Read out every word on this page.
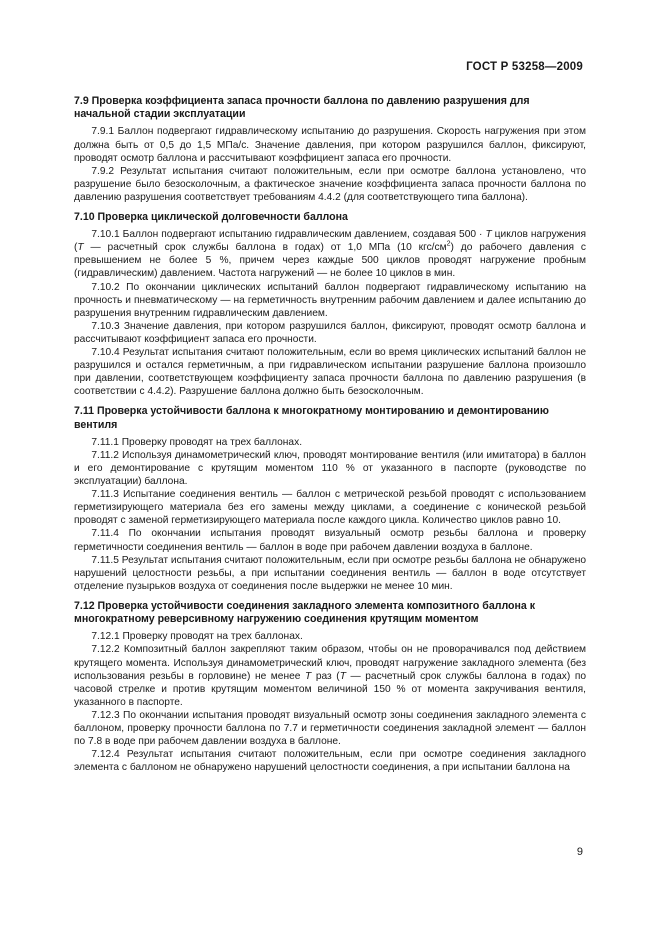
ГОСТ Р 53258—2009
7.9 Проверка коэффициента запаса прочности баллона по давлению разрушения для начальной стадии эксплуатации

7.9.1 Баллон подвергают гидравлическому испытанию до разрушения. Скорость нагружения при этом должна быть от 0,5 до 1,5 МПа/с. Значение давления, при котором разрушился баллон, фиксируют, проводят осмотр баллона и рассчитывают коэффициент запаса его прочности.

7.9.2 Результат испытания считают положительным, если при осмотре баллона установлено, что разрушение было безосколочным, а фактическое значение коэффициента запаса прочности баллона по давлению разрушения соответствует требованиям 4.4.2 (для соответствующего типа баллона).

7.10 Проверка циклической долговечности баллона

7.10.1 Баллон подвергают испытанию гидравлическим давлением, создавая 500 · T циклов нагружения (T — расчетный срок службы баллона в годах) от 1,0 МПа (10 кгс/$см^2$) до рабочего давления с превышением не более 5 %, причем через каждые 500 циклов проводят нагружение пробным (гидравлическим) давлением. Частота нагружений — не более 10 циклов в мин.

7.10.2 По окончании циклических испытаний баллон подвергают гидравлическому испытанию на прочность и пневматическому — на герметичность внутренним рабочим давлением и далее испытанию до разрушения внутренним гидравлическим давлением.

7.10.3 Значение давления, при котором разрушился баллон, фиксируют, проводят осмотр баллона и рассчитывают коэффициент запаса его прочности.

7.10.4 Результат испытания считают положительным, если во время циклических испытаний баллон не разрушился и остался герметичным, а при гидравлическом испытании разрушение баллона произошло при давлении, соответствующем коэффициенту запаса прочности баллона по давлению разрушения (в соответствии с 4.4.2). Разрушение баллона должно быть безосколочным.

7.11 Проверка устойчивости баллона к многократному монтированию и демонтированию вентиля

7.11.1 Проверку проводят на трех баллонах.

7.11.2 Используя динамометрический ключ, проводят монтирование вентиля (или имитатора) в баллон и его демонтирование с крутящим моментом 110 % от указанного в паспорте (руководстве по эксплуатации) баллона.

7.11.3 Испытание соединения вентиль — баллон с метрической резьбой проводят с использованием герметизирующего материала без его замены между циклами, а соединение с конической резьбой проводят с заменой герметизирующего материала после каждого цикла. Количество циклов равно 10.

7.11.4 По окончании испытания проводят визуальный осмотр резьбы баллона и проверку герметичности соединения вентиль — баллон в воде при рабочем давлении воздуха в баллоне.

7.11.5 Результат испытания считают положительным, если при осмотре резьбы баллона не обнаружено нарушений целостности резьбы, а при испытании соединения вентиль — баллон в воде отсутствует отделение пузырьков воздуха от соединения после выдержки не менее 10 мин.

7.12 Проверка устойчивости соединения закладного элемента композитного баллона к многократному реверсивному нагружению соединения крутящим моментом

7.12.1 Проверку проводят на трех баллонах.

7.12.2 Композитный баллон закрепляют таким образом, чтобы он не проворачивался под действием крутящего момента. Используя динамометрический ключ, проводят нагружение закладного элемента (без использования резьбы в горловине) не менее T раз (T — расчетный срок службы баллона в годах) по часовой стрелке и против крутящим моментом величиной 150 % от момента закручивания вентиля, указанного в паспорте.

7.12.3 По окончании испытания проводят визуальный осмотр зоны соединения закладного элемента с баллоном, проверку прочности баллона по 7.7 и герметичности соединения закладной элемент — баллон по 7.8 в воде при рабочем давлении воздуха в баллоне.

7.12.4 Результат испытания считают положительным, если при осмотре соединения закладного элемента с баллоном не обнаружено нарушений целостности соединения, а при испытании баллона на

9
